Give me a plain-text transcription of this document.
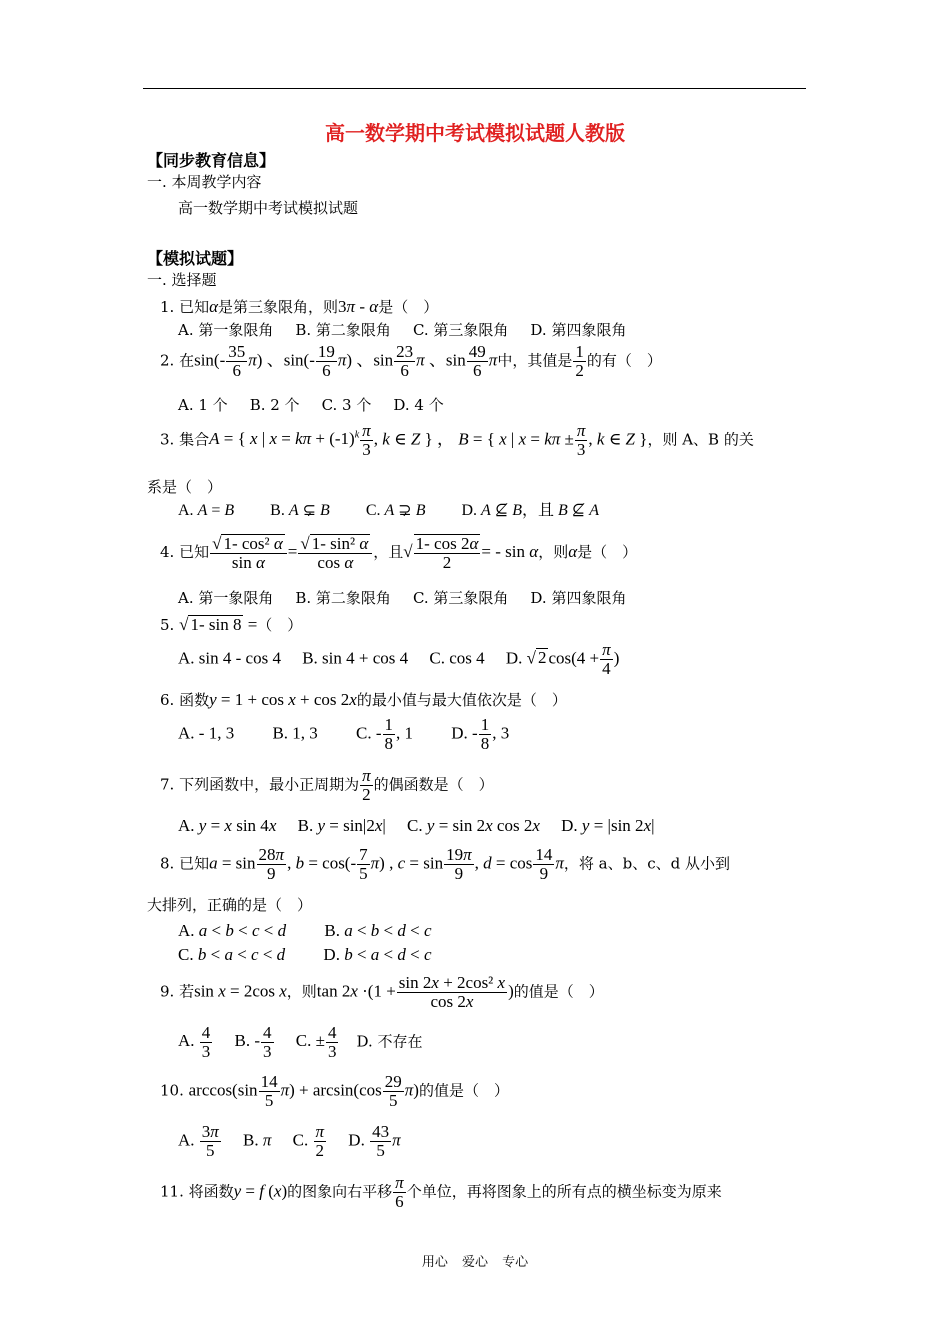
高一数学期中考试模拟试题人教版
【同步教育信息】
一. 本周教学内容
高一数学期中考试模拟试题
【模拟试题】
一. 选择题
1. 已知α是第三象限角，则3π - α是（　）
A. 第一象限角 B. 第二象限角 C. 第三象限角 D. 第四象限角
2. 在$\sin(- \frac{35}{6} \pi)$ 、$\sin(- \frac{19}{6} \pi)$ 、$\sin \frac{23}{6}$ π 、$\sin \frac{49}{6}$ π中，其值是 $\frac{1}{2}$ 的有（　）
A. 1 个 B. 2 个 C. 3 个 D. 4 个
3. 集合A = { x | $x = k\pi + (-1)^k \frac{\pi}{3}$ , k ∈ Z } ， B = { x | $x = k\pi \pm \frac{\pi}{3}$ , k ∈ Z }，则 A、B 的关
系是（　）
A. A = B　　 B. A ⊊ B　　 C. A ⊋ B　　 D. A ⊈ B，且 B ⊈ A
4. 已知 $\frac{\text{√ 1- cos² α}}{\text{sin α}} = \frac{\text{√ 1- sin² α}}{\text{cos α}}$ ，且√ $\frac{1- \cos 2\alpha}{2}$ = - sin α，则α是（　）
A. 第一象限角 B. 第二象限角 C. 第三象限角 D. 第四象限角
5. √ 1- sin 8 =（　）
A. sin 4 - cos 4　 B. sin 4 + cos 4　 C. cos 4　 D. √ 2 $\cos(4 + \frac{\pi}{4}$ )
6. 函数y = 1 + cos x + cos 2x的最小值与最大值依次是（　）
A. - 1, 3　　 B. 1, 3　　 C. - $\frac{1}{8}$ , 1　　 D. - $\frac{1}{8}$ , 3
7. 下列函数中，最小正周期为 $\frac{\pi}{2}$ 的偶函数是（　）
A. y = x sin 4x　 B. y = sin|2x|　 C. y = sin 2x cos 2x　 D. y = |sin 2x|
8. 已知$a = \sin \frac{28\pi}{9}$ , $b = \cos(- \frac{7}{5} \pi)$ , $c = \sin \frac{19\pi}{9}$ , $d = \cos \frac{14}{9}$ π，将 a、b、c、d 从小到
大排列，正确的是（　）
A. a < b < c < d　　 B. a < b < d < c
C. b < a < c < d　　 D. b < a < d < c
9. 若sin x = 2cos x，则$\tan 2x \cdot(1 + \frac{\text{sin 2x + 2cos² x}}{\cos 2x}$ )的值是（　）
A. $\frac{4}{3}$ 　 B. - $\frac{4}{3}$ 　 C. ± $\frac{4}{3}$
　 D. 不存在
10. $\arccos(\sin \frac{14}{5} \pi) + \arcsin(\cos \frac{29}{5} \pi)$的值是（　）
A. $\frac{3\pi}{5}$ 　 B. π　 C. $\frac{\pi}{2}$ 　 D. $\frac{43}{5}$ π
11. 将函数y = f (x)的图象向右平移 $\frac{\pi}{6}$ 个单位，再将图象上的所有点的横坐标变为原来
用心 爱心 专心
